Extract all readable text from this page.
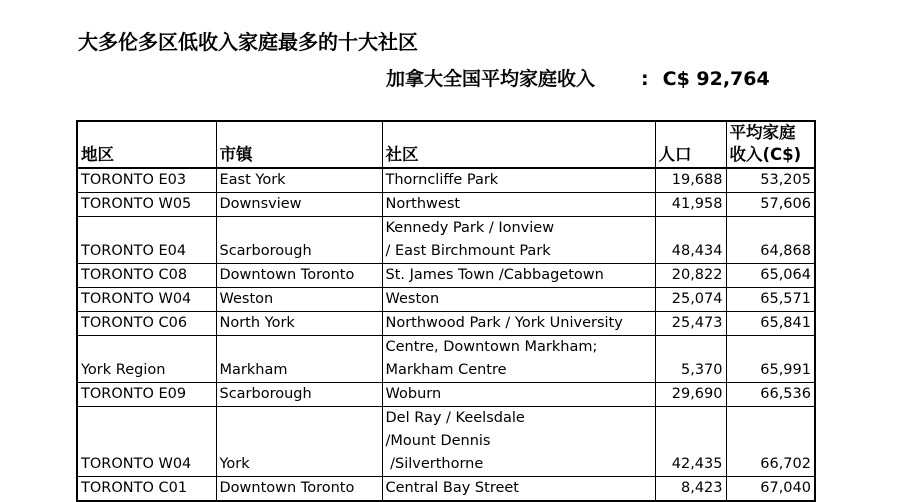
大多伦多区低收入家庭最多的十大社区
加拿大全国平均家庭收入 : C$ 92,764
地区	市镇	社区	人口	平均家庭
收入(C$)

TORONTO E03	East York	Thorncliffe Park	19,688	53,205
TORONTO W05	Downsview	Northwest	41,958	57,606
TORONTO E04	Scarborough	Kennedy Park / Ionview
/ East Birchmount Park	48,434	64,868
TORONTO C08	Downtown Toronto	St. James Town /Cabbagetown	20,822	65,064
TORONTO W04	Weston	Weston	25,074	65,571
TORONTO C06	North York	Northwood Park / York University	25,473	65,841
York Region	Markham	Centre, Downtown Markham;
Markham Centre	5,370	65,991
TORONTO E09	Scarborough	Woburn	29,690	66,536
TORONTO W04	York	Del Ray / Keelsdale
/Mount Dennis
/Silverthorne	42,435	66,702
TORONTO C01	Downtown Toronto	Central Bay Street	8,423	67,040
